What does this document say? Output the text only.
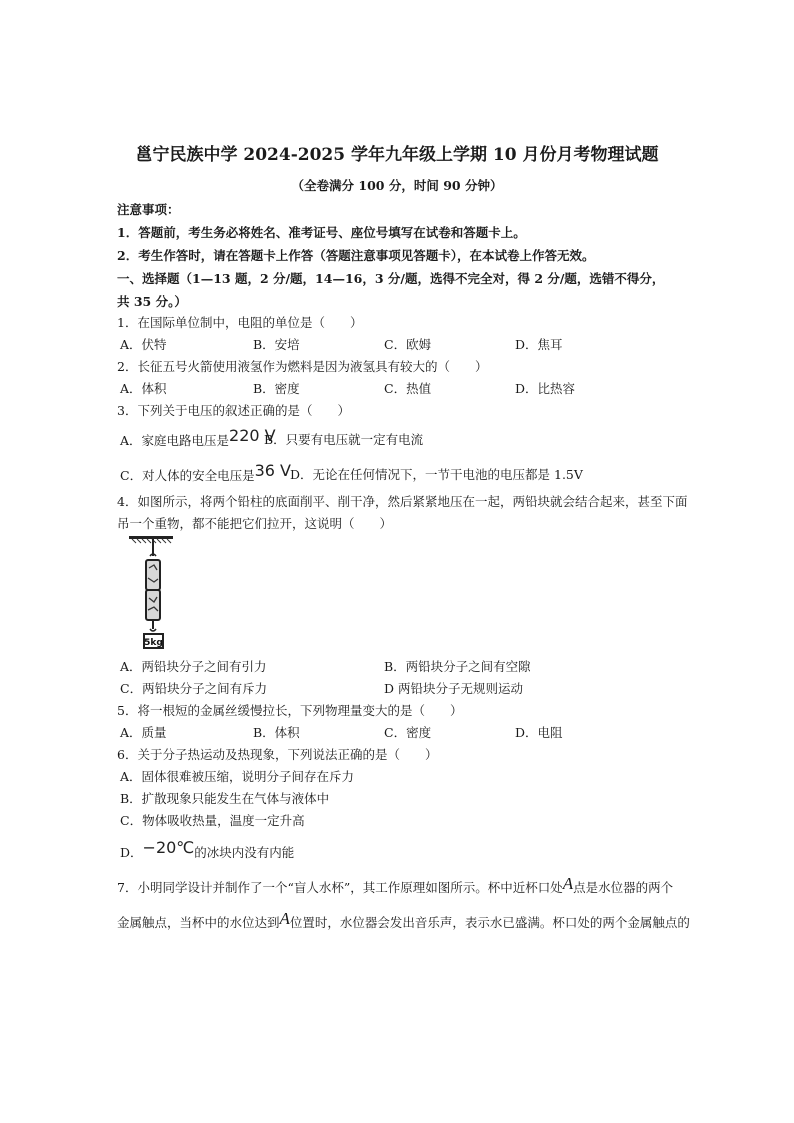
邕宁民族中学 2024-2025 学年九年级上学期 10 月份月考物理试题
（全卷满分 100 分，时间 90 分钟）
注意事项：
1．答题前，考生务必将姓名、准考证号、座位号填写在试卷和答题卡上。
2．考生作答时，请在答题卡上作答（答题注意事项见答题卡），在本试卷上作答无效。
一、选择题（1—13 题，2 分/题，14—16，3 分/题，选得不完全对，得 2 分/题，选错不得分，
共 35 分。）
1．在国际单位制中，电阻的单位是（　　）
A．伏特	B．安培	C．欧姆	D．焦耳
2．长征五号火箭使用液氢作为燃料是因为液氢具有较大的（　　）
A．体积	B．密度	C．热值	D．比热容
3．下列关于电压的叙述正确的是（　　）
A．家庭电路电压是220 V
B．只要有电压就一定有电流
C．对人体的安全电压是36 V D．无论在任何情况下，一节干电池的电压都是 1.5V
4．如图所示，将两个铅柱的底面削平、削干净，然后紧紧地压在一起，两铅块就会结合起来，甚至下面
吊一个重物，都不能把它们拉开，这说明（　　）
5kg
A．两铅块分子之间有引力	B．两铅块分子之间有空隙
C．两铅块分子之间有斥力	D 两铅块分子无规则运动
5．将一根短的金属丝缓慢拉长，下列物理量变大的是（　　）
A．质量	B．体积	C．密度	D．电阻
6．关于分子热运动及热现象，下列说法正确的是（　　）
A．固体很难被压缩，说明分子间存在斥力
B．扩散现象只能发生在气体与液体中
C．物体吸收热量，温度一定升高
D．−20℃的冰块内没有内能
7．小明同学设计并制作了一个“盲人水杯”，其工作原理如图所示。杯中近杯口处A点是水位器的两个
金属触点，当杯中的水位达到A位置时，水位器会发出音乐声，表示水已盛满。杯口处的两个金属触点的
